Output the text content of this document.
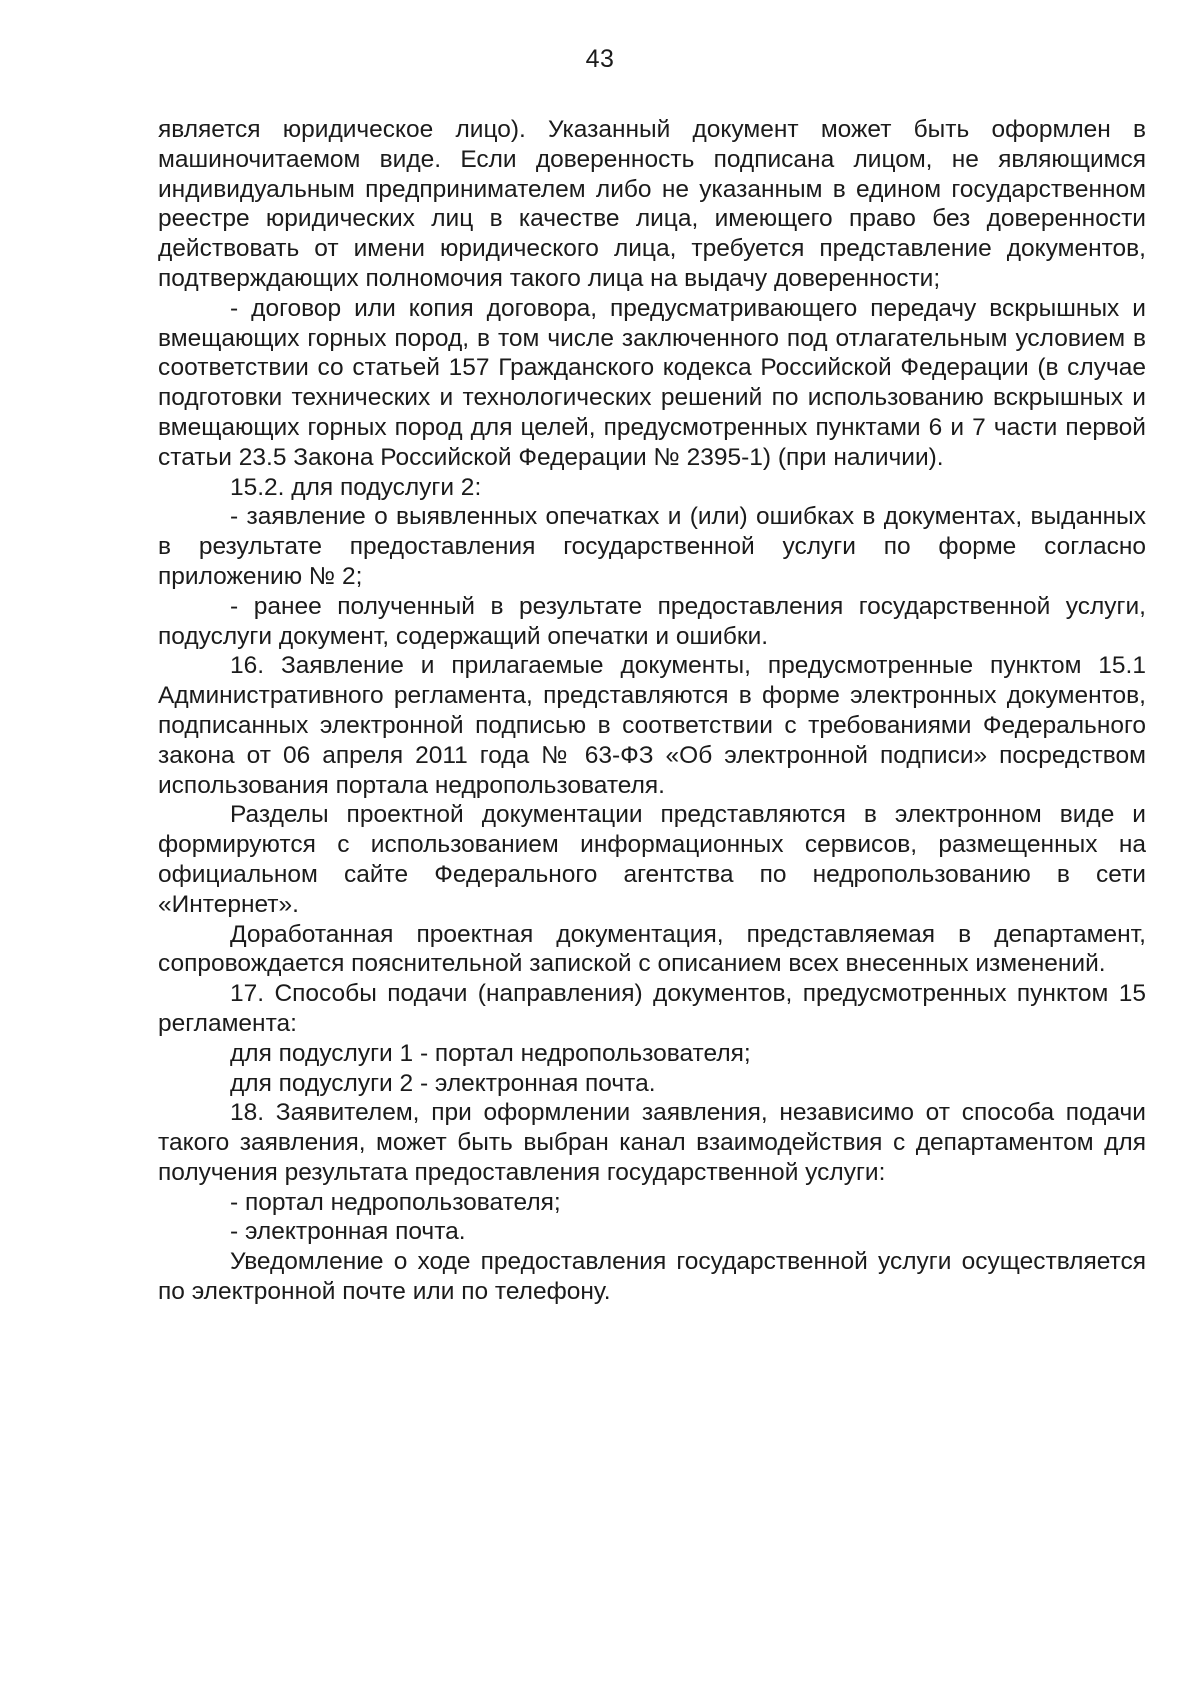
43

является юридическое лицо). Указанный документ может быть оформлен в машиночитаемом виде. Если доверенность подписана лицом, не являющимся индивидуальным предпринимателем либо не указанным в едином государственном реестре юридических лиц в качестве лица, имеющего право без доверенности действовать от имени юридического лица, требуется представление документов, подтверждающих полномочия такого лица на выдачу доверенности;

- договор или копия договора, предусматривающего передачу вскрышных и вмещающих горных пород, в том числе заключенного под отлагательным условием в соответствии со статьей 157 Гражданского кодекса Российской Федерации (в случае подготовки технических и технологических решений по использованию вскрышных и вмещающих горных пород для целей, предусмотренных пунктами 6 и 7 части первой статьи 23.5 Закона Российской Федерации № 2395-1) (при наличии).

15.2. для подуслуги 2:

- заявление о выявленных опечатках и (или) ошибках в документах, выданных в результате предоставления государственной услуги по форме согласно приложению № 2;

- ранее полученный в результате предоставления государственной услуги, подуслуги документ, содержащий опечатки и ошибки.

16. Заявление и прилагаемые документы, предусмотренные пунктом 15.1 Административного регламента, представляются в форме электронных документов, подписанных электронной подписью в соответствии с требованиями Федерального закона от 06 апреля 2011 года № 63-ФЗ «Об электронной подписи» посредством использования портала недропользователя.

Разделы проектной документации представляются в электронном виде и формируются с использованием информационных сервисов, размещенных на официальном сайте Федерального агентства по недропользованию в сети «Интернет».

Доработанная проектная документация, представляемая в департамент, сопровождается пояснительной запиской с описанием всех внесенных изменений.

17. Способы подачи (направления) документов, предусмотренных пунктом 15 регламента:

для подуслуги 1 - портал недропользователя;

для подуслуги 2 - электронная почта.

18. Заявителем, при оформлении заявления, независимо от способа подачи такого заявления, может быть выбран канал взаимодействия с департаментом для получения результата предоставления государственной услуги:

- портал недропользователя;

- электронная почта.

Уведомление о ходе предоставления государственной услуги осуществляется по электронной почте или по телефону.
